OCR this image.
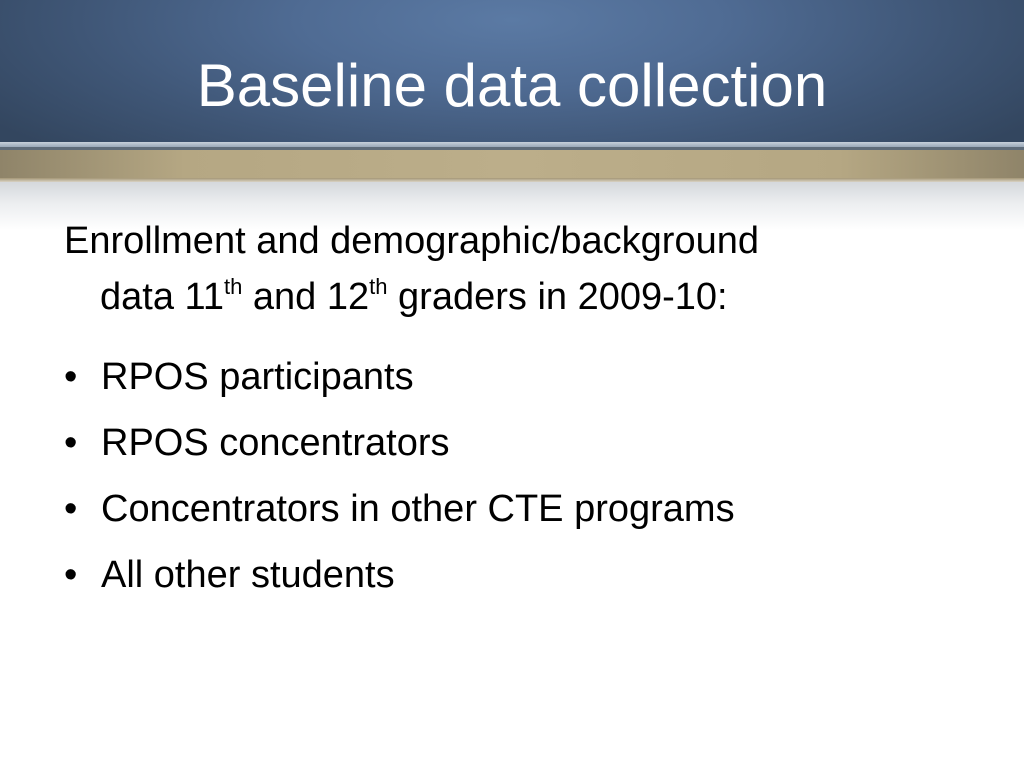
Baseline data collection

Enrollment and demographic/background
data 11th and 12th graders in 2009-10:

• RPOS participants
• RPOS concentrators
• Concentrators in other CTE programs
• All other students
